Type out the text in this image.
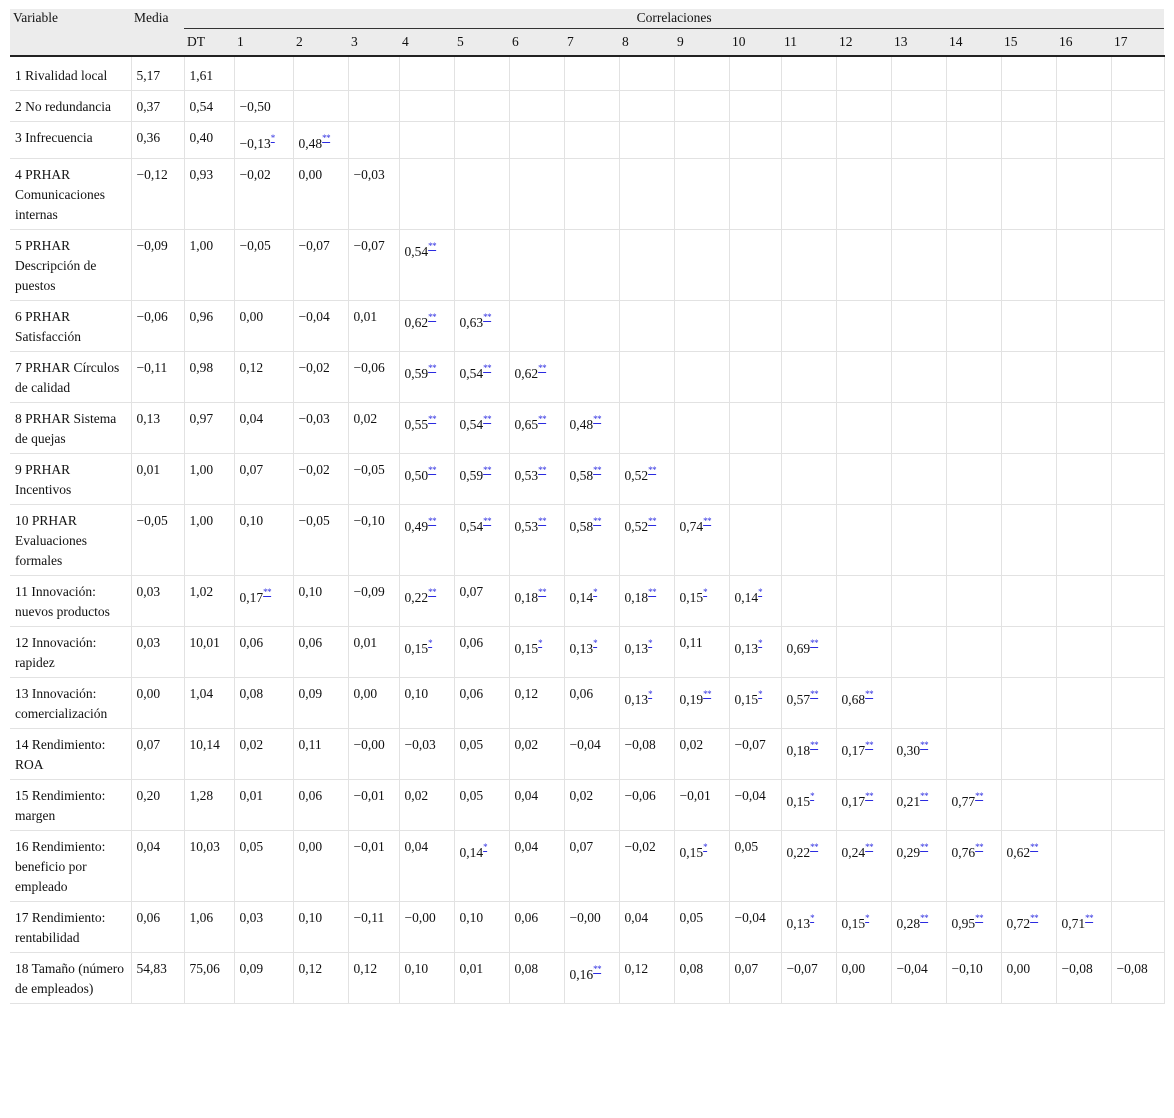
Variable	Media	Correlaciones																	
		DT	1	2	3	4	5	6	7	8	9	10	11	12	13	14	15	16	17
1 Rivalidad local	5,17	1,61																	
2 No redundancia	0,37	0,54	−0,50																
3 Infrecuencia	0,36	0,40	−0,13*	0,48**															
4 PRHAR Comunicaciones internas	−0,12	0,93	−0,02	0,00	−0,03														
5 PRHAR Descripción de puestos	−0,09	1,00	−0,05	−0,07	−0,07	0,54**													
6 PRHAR Satisfacción	−0,06	0,96	0,00	−0,04	0,01	0,62**	0,63**												
7 PRHAR Círculos de calidad	−0,11	0,98	0,12	−0,02	−0,06	0,59**	0,54**	0,62**											
8 PRHAR Sistema de quejas	0,13	0,97	0,04	−0,03	0,02	0,55**	0,54**	0,65**	0,48**										
9 PRHAR Incentivos	0,01	1,00	0,07	−0,02	−0,05	0,50**	0,59**	0,53**	0,58**	0,52**									
10 PRHAR Evaluaciones formales	−0,05	1,00	0,10	−0,05	−0,10	0,49**	0,54**	0,53**	0,58**	0,52**	0,74**								
11 Innovación: nuevos productos	0,03	1,02	0,17**	0,10	−0,09	0,22**	0,07	0,18**	0,14*	0,18**	0,15*	0,14*							
12 Innovación: rapidez	0,03	10,01	0,06	0,06	0,01	0,15*	0,06	0,15*	0,13*	0,13*	0,11	0,13*	0,69**						
13 Innovación: comercialización	0,00	1,04	0,08	0,09	0,00	0,10	0,06	0,12	0,06	0,13*	0,19**	0,15*	0,57**	0,68**					
14 Rendimiento: ROA	0,07	10,14	0,02	0,11	−0,00	−0,03	0,05	0,02	−0,04	−0,08	0,02	−0,07	0,18**	0,17**	0,30**				
15 Rendimiento: margen	0,20	1,28	0,01	0,06	−0,01	0,02	0,05	0,04	0,02	−0,06	−0,01	−0,04	0,15*	0,17**	0,21**	0,77**			
16 Rendimiento: beneficio por empleado	0,04	10,03	0,05	0,00	−0,01	0,04	0,14*	0,04	0,07	−0,02	0,15*	0,05	0,22**	0,24**	0,29**	0,76**	0,62**		
17 Rendimiento: rentabilidad	0,06	1,06	0,03	0,10	−0,11	−0,00	0,10	0,06	−0,00	0,04	0,05	−0,04	0,13*	0,15*	0,28**	0,95**	0,72**	0,71**	
18 Tamaño (número de empleados)	54,83	75,06	0,09	0,12	0,12	0,10	0,01	0,08	0,16**	0,12	0,08	0,07	−0,07	0,00	−0,04	−0,10	0,00	−0,08	−0,08
